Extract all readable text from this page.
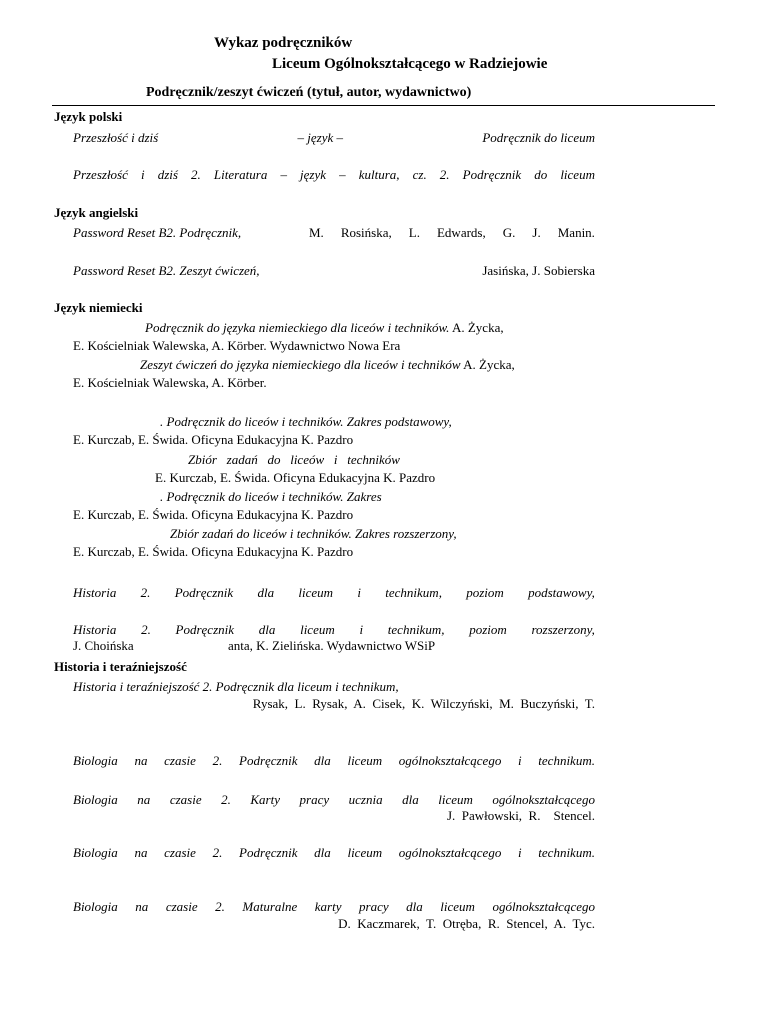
Wykaz podręczników
Liceum Ogólnokształcącego w Radziejowie
Podręcznik/zeszyt ćwiczeń (tytuł, autor, wydawnictwo)
Język polski
Przeszłość i dziś	– język –	Podręcznik do liceum
Przeszłość i dziś 2. Literatura – język – kultura, cz. 2. Podręcznik do liceum
Język angielski
Password Reset B2. Podręcznik,	M. Rosińska, L. Edwards, G. J. Manin.
Password Reset B2. Zeszyt ćwiczeń,	Jasińska, J. Sobierska
Język niemiecki
Podręcznik do języka niemieckiego dla liceów i techników. A. Życka,
E. Kościelniak Walewska, A. Körber. Wydawnictwo Nowa Era
Zeszyt ćwiczeń do języka niemieckiego dla liceów i techników A. Życka,
E. Kościelniak Walewska, A. Körber.
. Podręcznik do liceów i techników. Zakres podstawowy,
E. Kurczab, E. Świda. Oficyna Edukacyjna K. Pazdro
Zbiór   zadań   do   liceów   i   techników
E. Kurczab, E. Świda. Oficyna Edukacyjna K. Pazdro
. Podręcznik do liceów i techników. Zakres
E. Kurczab, E. Świda. Oficyna Edukacyjna K. Pazdro
Zbiór zadań do liceów i techników. Zakres rozszerzony,
E. Kurczab, E. Świda. Oficyna Edukacyjna K. Pazdro
Historia 2. Podręcznik dla liceum i technikum, poziom podstawowy,
Historia 2. Podręcznik dla liceum i technikum, poziom rozszerzony,
J. Choińska	anta, K. Zielińska. Wydawnictwo WSiP
Historia i teraźniejszość
Historia i teraźniejszość 2. Podręcznik dla liceum i technikum,
Rysak,  L.  Rysak,  A.  Cisek,  K.  Wilczyński,  M.  Buczyński,  T.
Biologia na czasie 2. Podręcznik dla liceum ogólnokształcącego i technikum.
Biologia na czasie 2. Karty pracy ucznia dla liceum ogólnokształcącego
J.  Pawłowski,  R.    Stencel.
Biologia na czasie 2. Podręcznik dla liceum ogólnokształcącego i technikum.
Biologia na czasie 2. Maturalne karty pracy dla liceum ogólnokształcącego
D.  Kaczmarek,  T.  Otręba,  R.  Stencel,  A.  Tyc.
